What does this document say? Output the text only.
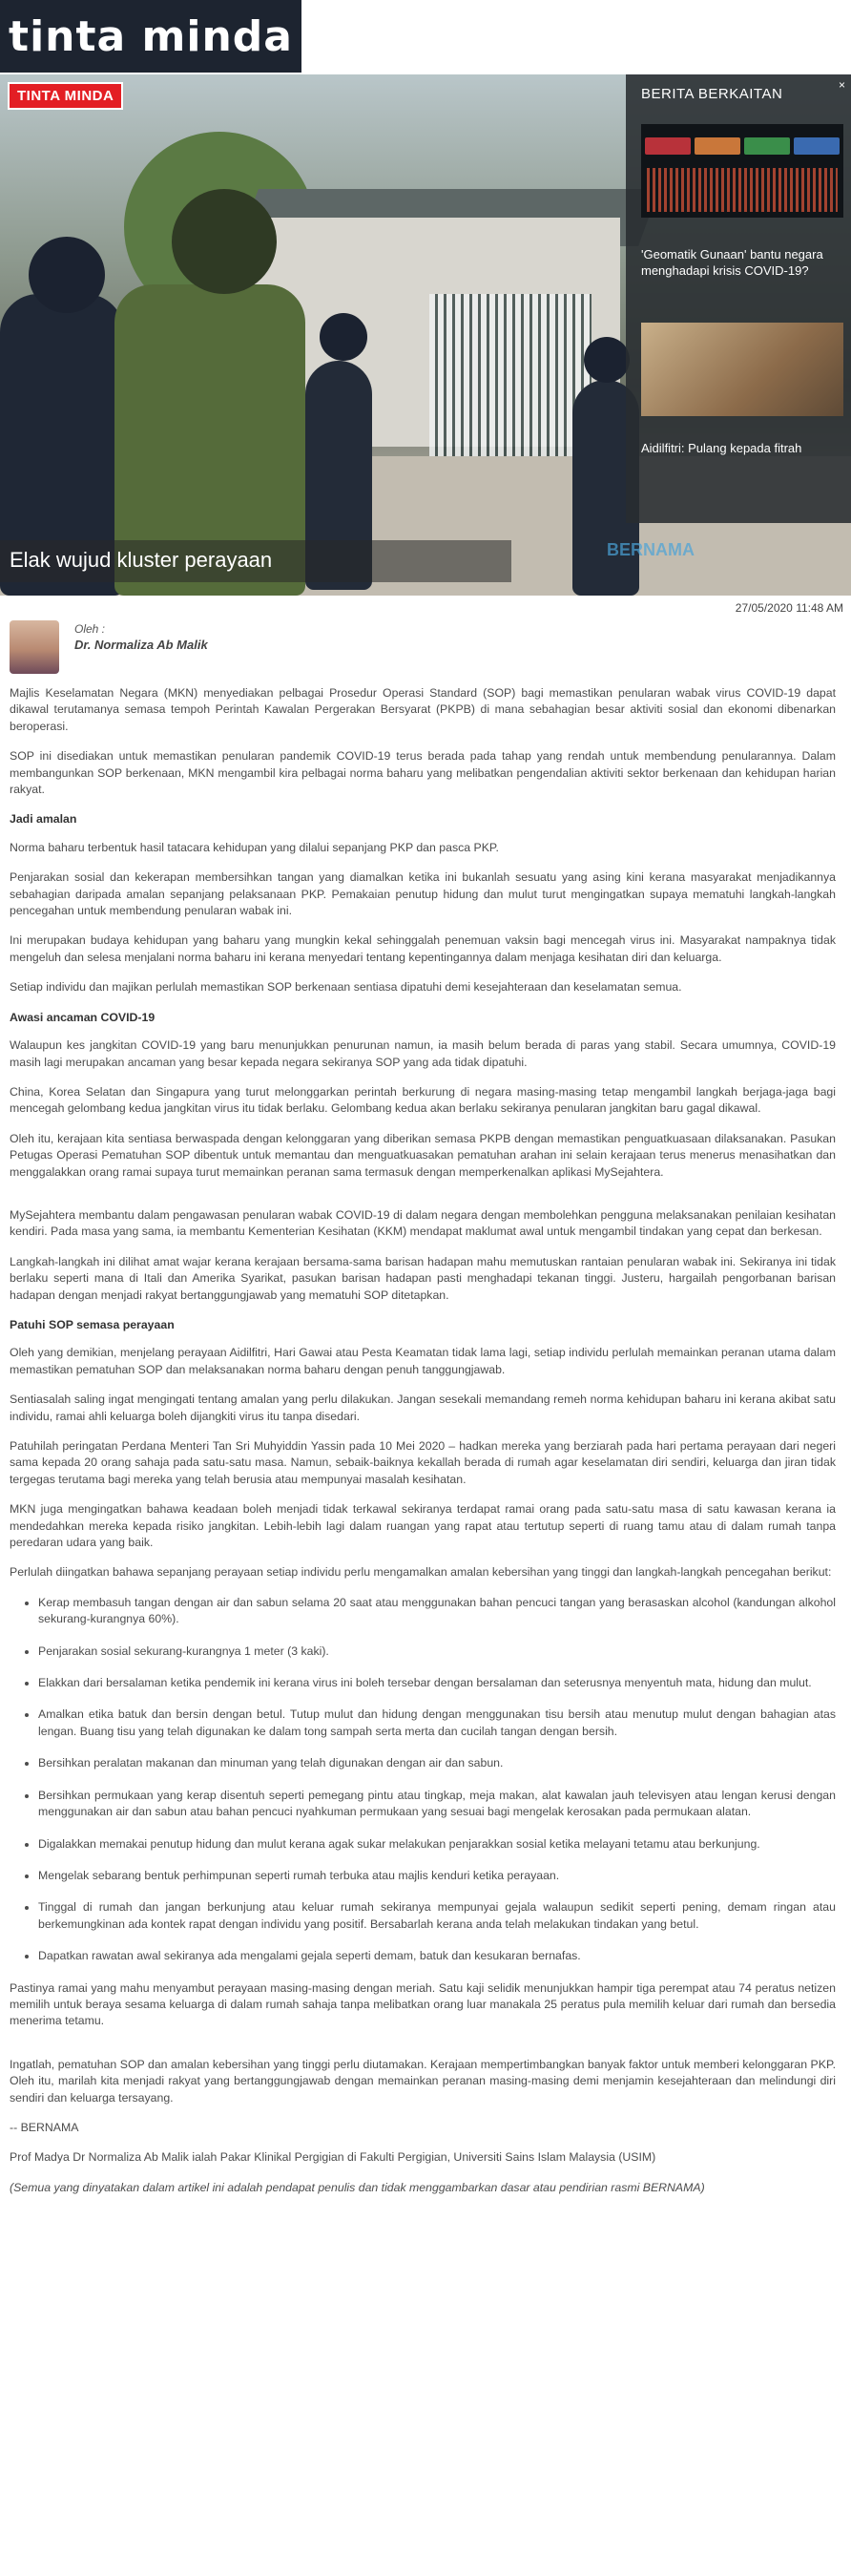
tinta minda
TINTA MINDA
Elak wujud kluster perayaan	BERNAMA
BERITA BERKAITAN
×
'Geomatik Gunaan' bantu negara menghadapi krisis COVID-19?
Aidilfitri: Pulang kepada fitrah
27/05/2020 11:48 AM
Oleh :
Dr. Normaliza Ab Malik

Majlis Keselamatan Negara (MKN) menyediakan pelbagai Prosedur Operasi Standard (SOP) bagi memastikan penularan wabak virus COVID-19 dapat dikawal terutamanya semasa tempoh Perintah Kawalan Pergerakan Bersyarat (PKPB) di mana sebahagian besar aktiviti sosial dan ekonomi dibenarkan beroperasi.

SOP ini disediakan untuk memastikan penularan pandemik COVID-19 terus berada pada tahap yang rendah untuk membendung penularannya. Dalam membangunkan SOP berkenaan, MKN mengambil kira pelbagai norma baharu yang melibatkan pengendalian aktiviti sektor berkenaan dan kehidupan harian rakyat.

Jadi amalan

Norma baharu terbentuk hasil tatacara kehidupan yang dilalui sepanjang PKP dan pasca PKP.

Penjarakan sosial dan kekerapan membersihkan tangan yang diamalkan ketika ini bukanlah sesuatu yang asing kini kerana masyarakat menjadikannya sebahagian daripada amalan sepanjang pelaksanaan PKP. Pemakaian penutup hidung dan mulut turut mengingatkan supaya mematuhi langkah-langkah pencegahan untuk membendung penularan wabak ini.

Ini merupakan budaya kehidupan yang baharu yang mungkin kekal sehinggalah penemuan vaksin bagi mencegah virus ini. Masyarakat nampaknya tidak mengeluh dan selesa menjalani norma baharu ini kerana menyedari tentang kepentingannya dalam menjaga kesihatan diri dan keluarga.

Setiap individu dan majikan perlulah memastikan SOP berkenaan sentiasa dipatuhi demi kesejahteraan dan keselamatan semua.

Awasi ancaman COVID-19

Walaupun kes jangkitan COVID-19 yang baru menunjukkan penurunan namun, ia masih belum berada di paras yang stabil. Secara umumnya, COVID-19 masih lagi merupakan ancaman yang besar kepada negara sekiranya SOP yang ada tidak dipatuhi.

China, Korea Selatan dan Singapura yang turut melonggarkan perintah berkurung di negara masing-masing tetap mengambil langkah berjaga-jaga bagi mencegah gelombang kedua jangkitan virus itu tidak berlaku. Gelombang kedua akan berlaku sekiranya penularan jangkitan baru gagal dikawal.

Oleh itu, kerajaan kita sentiasa berwaspada dengan kelonggaran yang diberikan semasa PKPB dengan memastikan penguatkuasaan dilaksanakan. Pasukan Petugas Operasi Pematuhan SOP dibentuk untuk memantau dan menguatkuasakan pematuhan arahan ini selain kerajaan terus menerus menasihatkan dan menggalakkan orang ramai supaya turut memainkan peranan sama termasuk dengan memperkenalkan aplikasi MySejahtera.

MySejahtera membantu dalam pengawasan penularan wabak COVID-19 di dalam negara dengan membolehkan pengguna melaksanakan penilaian kesihatan kendiri. Pada masa yang sama, ia membantu Kementerian Kesihatan (KKM) mendapat maklumat awal untuk mengambil tindakan yang cepat dan berkesan.

Langkah-langkah ini dilihat amat wajar kerana kerajaan bersama-sama barisan hadapan mahu memutuskan rantaian penularan wabak ini. Sekiranya ini tidak berlaku seperti mana di Itali dan Amerika Syarikat, pasukan barisan hadapan pasti menghadapi tekanan tinggi. Justeru, hargailah pengorbanan barisan hadapan dengan menjadi rakyat bertanggungjawab yang mematuhi SOP ditetapkan.

Patuhi SOP semasa perayaan

Oleh yang demikian, menjelang perayaan Aidilfitri, Hari Gawai atau Pesta Keamatan tidak lama lagi, setiap individu perlulah memainkan peranan utama dalam memastikan pematuhan SOP dan melaksanakan norma baharu dengan penuh tanggungjawab.

Sentiasalah saling ingat mengingati tentang amalan yang perlu dilakukan. Jangan sesekali memandang remeh norma kehidupan baharu ini kerana akibat satu individu, ramai ahli keluarga boleh dijangkiti virus itu tanpa disedari.

Patuhilah peringatan Perdana Menteri Tan Sri Muhyiddin Yassin pada 10 Mei 2020 – hadkan mereka yang berziarah pada hari pertama perayaan dari negeri sama kepada 20 orang sahaja pada satu-satu masa. Namun, sebaik-baiknya kekallah berada di rumah agar keselamatan diri sendiri, keluarga dan jiran tidak tergegas terutama bagi mereka yang telah berusia atau mempunyai masalah kesihatan.

MKN juga mengingatkan bahawa keadaan boleh menjadi tidak terkawal sekiranya terdapat ramai orang pada satu-satu masa di satu kawasan kerana ia mendedahkan mereka kepada risiko jangkitan. Lebih-lebih lagi dalam ruangan yang rapat atau tertutup seperti di ruang tamu atau di dalam rumah tanpa peredaran udara yang baik.

Perlulah diingatkan bahawa sepanjang perayaan setiap individu perlu mengamalkan amalan kebersihan yang tinggi dan langkah-langkah pencegahan berikut:

• Kerap membasuh tangan dengan air dan sabun selama 20 saat atau menggunakan bahan pencuci tangan yang berasaskan alcohol (kandungan alkohol sekurang-kurangnya 60%).
• Penjarakan sosial sekurang-kurangnya 1 meter (3 kaki).
• Elakkan dari bersalaman ketika pendemik ini kerana virus ini boleh tersebar dengan bersalaman dan seterusnya menyentuh mata, hidung dan mulut.
• Amalkan etika batuk dan bersin dengan betul. Tutup mulut dan hidung dengan menggunakan tisu bersih atau menutup mulut dengan bahagian atas lengan. Buang tisu yang telah digunakan ke dalam tong sampah serta merta dan cucilah tangan dengan bersih.
• Bersihkan peralatan makanan dan minuman yang telah digunakan dengan air dan sabun.
• Bersihkan permukaan yang kerap disentuh seperti pemegang pintu atau tingkap, meja makan, alat kawalan jauh televisyen atau lengan kerusi dengan menggunakan air dan sabun atau bahan pencuci nyahkuman permukaan yang sesuai bagi mengelak kerosakan pada permukaan alatan.
• Digalakkan memakai penutup hidung dan mulut kerana agak sukar melakukan penjarakkan sosial ketika melayani tetamu atau berkunjung.
• Mengelak sebarang bentuk perhimpunan seperti rumah terbuka atau majlis kenduri ketika perayaan.
• Tinggal di rumah dan jangan berkunjung atau keluar rumah sekiranya mempunyai gejala walaupun sedikit seperti pening, demam ringan atau berkemungkinan ada kontek rapat dengan individu yang positif. Bersabarlah kerana anda telah melakukan tindakan yang betul.
• Dapatkan rawatan awal sekiranya ada mengalami gejala seperti demam, batuk dan kesukaran bernafas.

Pastinya ramai yang mahu menyambut perayaan masing-masing dengan meriah. Satu kaji selidik menunjukkan hampir tiga perempat atau 74 peratus netizen memilih untuk beraya sesama keluarga di dalam rumah sahaja tanpa melibatkan orang luar manakala 25 peratus pula memilih keluar dari rumah dan bersedia menerima tetamu.

Ingatlah, pematuhan SOP dan amalan kebersihan yang tinggi perlu diutamakan. Kerajaan mempertimbangkan banyak faktor untuk memberi kelonggaran PKP. Oleh itu, marilah kita menjadi rakyat yang bertanggungjawab dengan memainkan peranan masing-masing demi menjamin kesejahteraan dan melindungi diri sendiri dan keluarga tersayang.

-- BERNAMA

Prof Madya Dr Normaliza Ab Malik ialah Pakar Klinikal Pergigian di Fakulti Pergigian, Universiti Sains Islam Malaysia (USIM)

(Semua yang dinyatakan dalam artikel ini adalah pendapat penulis dan tidak menggambarkan dasar atau pendirian rasmi BERNAMA)
